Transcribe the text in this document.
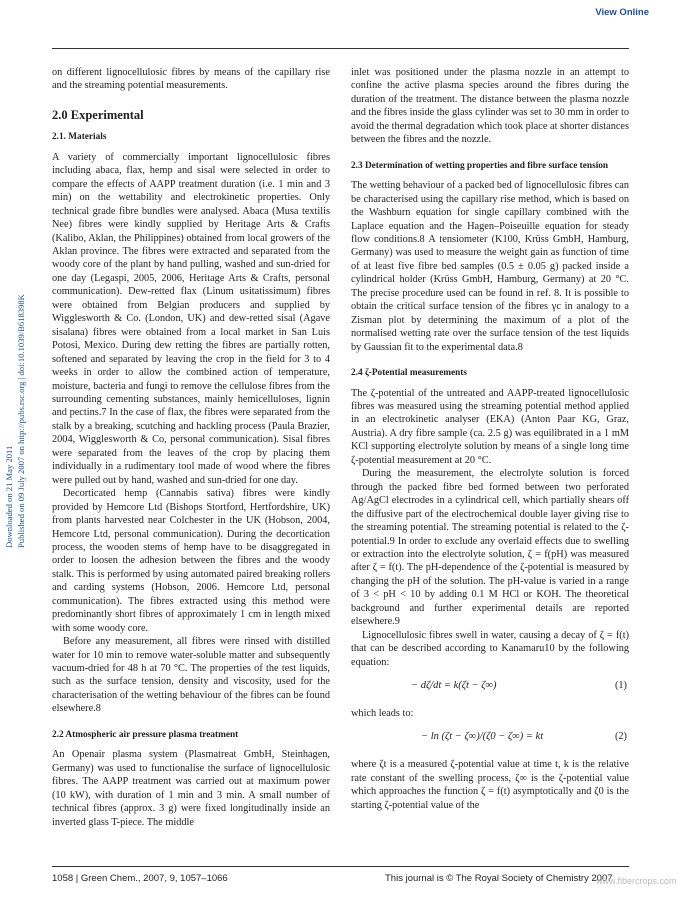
View Online
Downloaded on 21 May 2011 Published on 09 July 2007 on http://pubs.rsc.org | doi:10.1039/B618398K

on different lignocellulosic fibres by means of the capillary rise and the streaming potential measurements.

2.0 Experimental
2.1. Materials

A variety of commercially important lignocellulosic fibres including abaca, flax, hemp and sisal were selected in order to compare the effects of AAPP treatment duration (i.e. 1 min and 3 min) on the wettability and electrokinetic properties. Only technical grade fibre bundles were analysed. Abaca (Musa textilis Nee) fibres were kindly supplied by Heritage Arts & Crafts (Kalibo, Aklan, the Philippines) obtained from local growers of the Aklan province. The fibres were extracted and separated from the woody core of the plant by hand pulling, washed and sun-dried for one day (Legaspi, 2005, 2006, Heritage Arts & Crafts, personal communication). Dew-retted flax (Linum usitatissimum) fibres were obtained from Belgian producers and supplied by Wigglesworth & Co. (London, UK) and dew-retted sisal (Agave sisalana) fibres were obtained from a local market in San Luis Potosi, Mexico. During dew retting the fibres are partially rotten, softened and separated by leaving the crop in the field for 3 to 4 weeks in order to allow the combined action of temperature, moisture, bacteria and fungi to remove the cellulose fibres from the surrounding cementing substances, mainly hemicelluloses, lignin and pectins.7 In the case of flax, the fibres were separated from the stalk by a breaking, scutching and hackling process (Paula Brazier, 2004, Wigglesworth & Co, personal communication). Sisal fibres were separated from the leaves of the crop by placing them individually in a rudimentary tool made of wood where the fibres were pulled out by hand, washed and sun-dried for one day.

Decorticated hemp (Cannabis sativa) fibres were kindly provided by Hemcore Ltd (Bishops Stortford, Hertfordshire, UK) from plants harvested near Colchester in the UK (Hobson, 2004, Hemcore Ltd, personal communication). During the decortication process, the wooden stems of hemp have to be disaggregated in order to loosen the adhesion between the fibres and the woody stalk. This is performed by using automated paired breaking rollers and carding systems (Hobson, 2006. Hemcore Ltd, personal communication). The fibres extracted using this method were predominantly short fibres of approximately 1 cm in length mixed with some woody core.

Before any measurement, all fibres were rinsed with distilled water for 10 min to remove water-soluble matter and subsequently vacuum-dried for 48 h at 70 °C. The properties of the test liquids, such as the surface tension, density and viscosity, used for the characterisation of the wetting behaviour of the fibres can be found elsewhere.8

2.2 Atmospheric air pressure plasma treatment

An Openair plasma system (Plasmatreat GmbH, Steinhagen, Germany) was used to functionalise the surface of lignocellulosic fibres. The AAPP treatment was carried out at maximum power (10 kW), with duration of 1 min and 3 min. A small number of technical fibres (approx. 3 g) were fixed longitudinally inside an inverted glass T-piece. The middle

inlet was positioned under the plasma nozzle in an attempt to confine the active plasma species around the fibres during the duration of the treatment. The distance between the plasma nozzle and the fibres inside the glass cylinder was set to 30 mm in order to avoid the thermal degradation which took place at shorter distances between the fibres and the nozzle.

2.3 Determination of wetting properties and fibre surface tension

The wetting behaviour of a packed bed of lignocellulosic fibres can be characterised using the capillary rise method, which is based on the Washburn equation for single capillary combined with the Laplace equation and the Hagen–Poiseuille equation for steady flow conditions.8 A tensiometer (K100, Krüss GmbH, Hamburg, Germany) was used to measure the weight gain as function of time of at least five fibre bed samples (0.5 ± 0.05 g) packed inside a cylindrical holder (Krüss GmbH, Hamburg, Germany) at 20 °C. The precise procedure used can be found in ref. 8. It is possible to obtain the critical surface tension of the fibres γc in analogy to a Zisman plot by determining the maximum of a plot of the normalised wetting rate over the surface tension of the test liquids by Gaussian fit to the experimental data.8

2.4 ζ-Potential measurements

The ζ-potential of the untreated and AAPP-treated lignocellulosic fibres was measured using the streaming potential method applied in an electrokinetic analyser (EKA) (Anton Paar KG, Graz, Austria). A dry fibre sample (ca. 2.5 g) was equilibrated in a 1 mM KCl supporting electrolyte solution by means of a single long time ζ-potential measurement at 20 °C.

During the measurement, the electrolyte solution is forced through the packed fibre bed formed between two perforated Ag/AgCl electrodes in a cylindrical cell, which partially shears off the diffusive part of the electrochemical double layer giving rise to the streaming potential. The streaming potential is related to the ζ-potential.9 In order to exclude any overlaid effects due to swelling or extraction into the electrolyte solution, ζ = f(pH) was measured after ζ = f(t). The pH-dependence of the ζ-potential is measured by changing the pH of the solution. The pH-value is varied in a range of 3 < pH < 10 by adding 0.1 M HCl or KOH. The theoretical background and further experimental details are reported elsewhere.9

Lignocellulosic fibres swell in water, causing a decay of ζ = f(t) that can be described according to Kanamaru10 by the following equation:

− dζ/dt = k(ζt − ζ∞)	(1)

which leads to:

− ln (ζt − ζ∞)/(ζ0 − ζ∞) = kt	(2)

where ζt is a measured ζ-potential value at time t, k is the relative rate constant of the swelling process, ζ∞ is the ζ-potential value which approaches the function ζ = f(t) asymptotically and ζ0 is the starting ζ-potential value of the

1058 | Green Chem., 2007, 9, 1057–1066	This journal is © The Royal Society of Chemistry 2007
www.fibercrops.com
